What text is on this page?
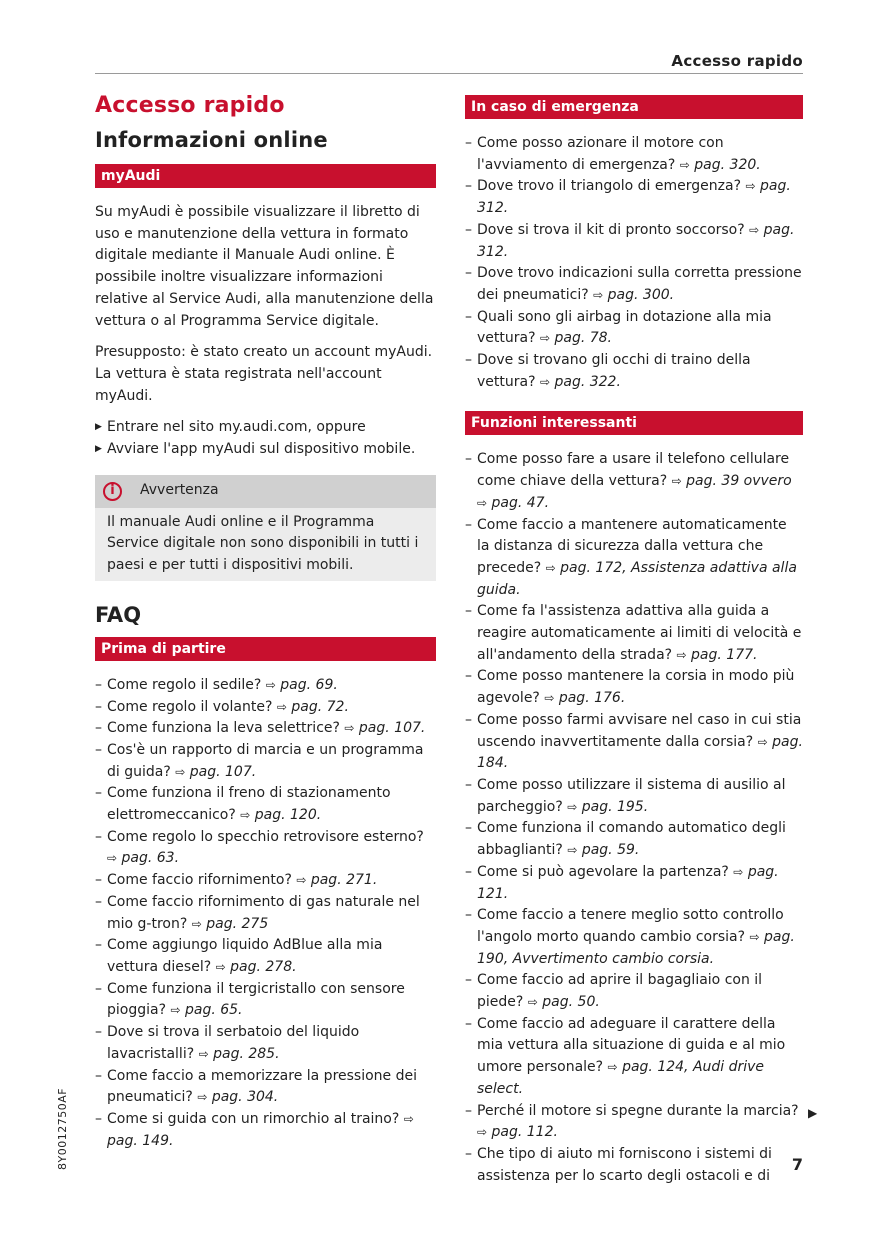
Accesso rapido
Accesso rapido
Informazioni online
myAudi

Su myAudi è possibile visualizzare il libretto di uso e manutenzione della vettura in formato digitale mediante il Manuale Audi online. È possibile inoltre visualizzare informazioni relative al Service Audi, alla manutenzione della vettura o al Programma Service digitale.

Presupposto: è stato creato un account myAudi. La vettura è stata registrata nell'account myAudi.

▶ Entrare nel sito my.audi.com, oppure
▶ Avviare l'app myAudi sul dispositivo mobile.
i	Avvertenza
Il manuale Audi online e il Programma Service digitale non sono disponibili in tutti i paesi e per tutti i dispositivi mobili.
FAQ
Prima di partire
– Come regolo il sedile? ⇨ pag. 69.
– Come regolo il volante? ⇨ pag. 72.
– Come funziona la leva selettrice? ⇨ pag. 107.
– Cos'è un rapporto di marcia e un programma di guida? ⇨ pag. 107.
– Come funziona il freno di stazionamento elettromeccanico? ⇨ pag. 120.
– Come regolo lo specchio retrovisore esterno? ⇨ pag. 63.
– Come faccio rifornimento? ⇨ pag. 271.
– Come faccio rifornimento di gas naturale nel mio g-tron? ⇨ pag. 275
– Come aggiungo liquido AdBlue alla mia vettura diesel? ⇨ pag. 278.
– Come funziona il tergicristallo con sensore pioggia? ⇨ pag. 65.
– Dove si trova il serbatoio del liquido lavacristalli? ⇨ pag. 285.
– Come faccio a memorizzare la pressione dei pneumatici? ⇨ pag. 304.
– Come si guida con un rimorchio al traino? ⇨ pag. 149.
In caso di emergenza
– Come posso azionare il motore con l'avviamento di emergenza? ⇨ pag. 320.
– Dove trovo il triangolo di emergenza? ⇨ pag. 312.
– Dove si trova il kit di pronto soccorso? ⇨ pag. 312.
– Dove trovo indicazioni sulla corretta pressione dei pneumatici? ⇨ pag. 300.
– Quali sono gli airbag in dotazione alla mia vettura? ⇨ pag. 78.
– Dove si trovano gli occhi di traino della vettura? ⇨ pag. 322.
Funzioni interessanti
– Come posso fare a usare il telefono cellulare come chiave della vettura? ⇨ pag. 39 ovvero ⇨ pag. 47.
– Come faccio a mantenere automaticamente la distanza di sicurezza dalla vettura che precede? ⇨ pag. 172, Assistenza adattiva alla guida.
– Come fa l'assistenza adattiva alla guida a reagire automaticamente ai limiti di velocità e all'andamento della strada? ⇨ pag. 177.
– Come posso mantenere la corsia in modo più agevole? ⇨ pag. 176.
– Come posso farmi avvisare nel caso in cui stia uscendo inavvertitamente dalla corsia? ⇨ pag. 184.
– Come posso utilizzare il sistema di ausilio al parcheggio? ⇨ pag. 195.
– Come funziona il comando automatico degli abbaglianti? ⇨ pag. 59.
– Come si può agevolare la partenza? ⇨ pag. 121.
– Come faccio a tenere meglio sotto controllo l'angolo morto quando cambio corsia? ⇨ pag. 190, Avvertimento cambio corsia.
– Come faccio ad aprire il bagagliaio con il piede? ⇨ pag. 50.
– Come faccio ad adeguare il carattere della mia vettura alla situazione di guida e al mio umore personale? ⇨ pag. 124, Audi drive select.
– Perché il motore si spegne durante la marcia? ⇨ pag. 112.
– Che tipo di aiuto mi forniscono i sistemi di assistenza per lo scarto degli ostacoli e di
▶
7
8Y0012750AF
